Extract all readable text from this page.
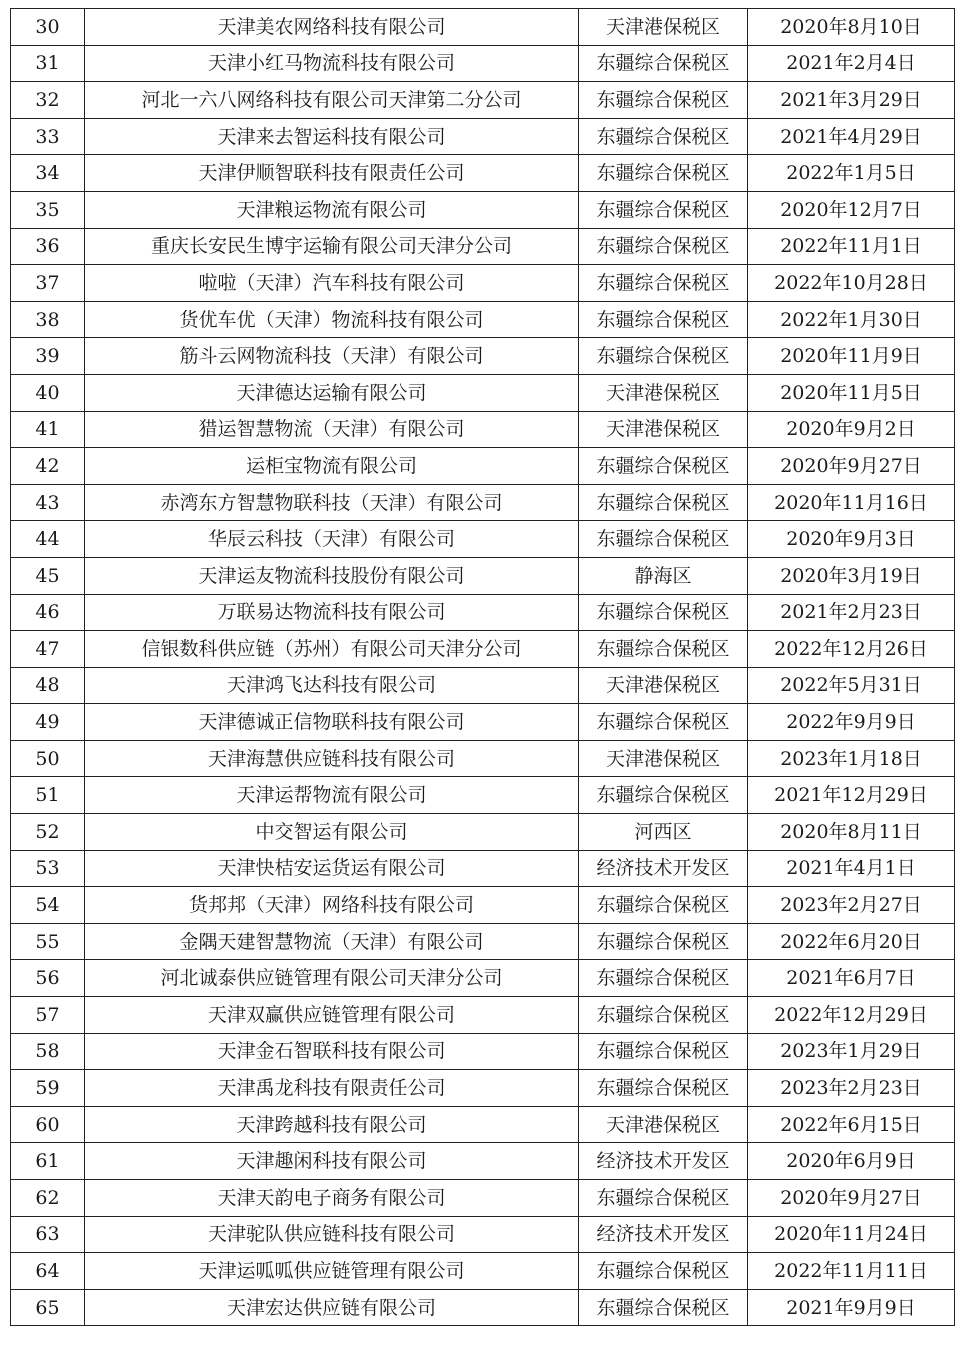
30	天津美农网络科技有限公司	天津港保税区	2020年8月10日
31	天津小红马物流科技有限公司	东疆综合保税区	2021年2月4日
32	河北一六八网络科技有限公司天津第二分公司	东疆综合保税区	2021年3月29日
33	天津来去智运科技有限公司	东疆综合保税区	2021年4月29日
34	天津伊顺智联科技有限责任公司	东疆综合保税区	2022年1月5日
35	天津粮运物流有限公司	东疆综合保税区	2020年12月7日
36	重庆长安民生博宇运输有限公司天津分公司	东疆综合保税区	2022年11月1日
37	啦啦（天津）汽车科技有限公司	东疆综合保税区	2022年10月28日
38	货优车优（天津）物流科技有限公司	东疆综合保税区	2022年1月30日
39	筋斗云网物流科技（天津）有限公司	东疆综合保税区	2020年11月9日
40	天津德达运输有限公司	天津港保税区	2020年11月5日
41	猎运智慧物流（天津）有限公司	天津港保税区	2020年9月2日
42	运柜宝物流有限公司	东疆综合保税区	2020年9月27日
43	赤湾东方智慧物联科技（天津）有限公司	东疆综合保税区	2020年11月16日
44	华辰云科技（天津）有限公司	东疆综合保税区	2020年9月3日
45	天津运友物流科技股份有限公司	静海区	2020年3月19日
46	万联易达物流科技有限公司	东疆综合保税区	2021年2月23日
47	信银数科供应链（苏州）有限公司天津分公司	东疆综合保税区	2022年12月26日
48	天津鸿飞达科技有限公司	天津港保税区	2022年5月31日
49	天津德诚正信物联科技有限公司	东疆综合保税区	2022年9月9日
50	天津海慧供应链科技有限公司	天津港保税区	2023年1月18日
51	天津运帮物流有限公司	东疆综合保税区	2021年12月29日
52	中交智运有限公司	河西区	2020年8月11日
53	天津快桔安运货运有限公司	经济技术开发区	2021年4月1日
54	货邦邦（天津）网络科技有限公司	东疆综合保税区	2023年2月27日
55	金隅天建智慧物流（天津）有限公司	东疆综合保税区	2022年6月20日
56	河北诚泰供应链管理有限公司天津分公司	东疆综合保税区	2021年6月7日
57	天津双赢供应链管理有限公司	东疆综合保税区	2022年12月29日
58	天津金石智联科技有限公司	东疆综合保税区	2023年1月29日
59	天津禹龙科技有限责任公司	东疆综合保税区	2023年2月23日
60	天津跨越科技有限公司	天津港保税区	2022年6月15日
61	天津趣闲科技有限公司	经济技术开发区	2020年6月9日
62	天津天韵电子商务有限公司	东疆综合保税区	2020年9月27日
63	天津驼队供应链科技有限公司	经济技术开发区	2020年11月24日
64	天津运呱呱供应链管理有限公司	东疆综合保税区	2022年11月11日
65	天津宏达供应链有限公司	东疆综合保税区	2021年9月9日
